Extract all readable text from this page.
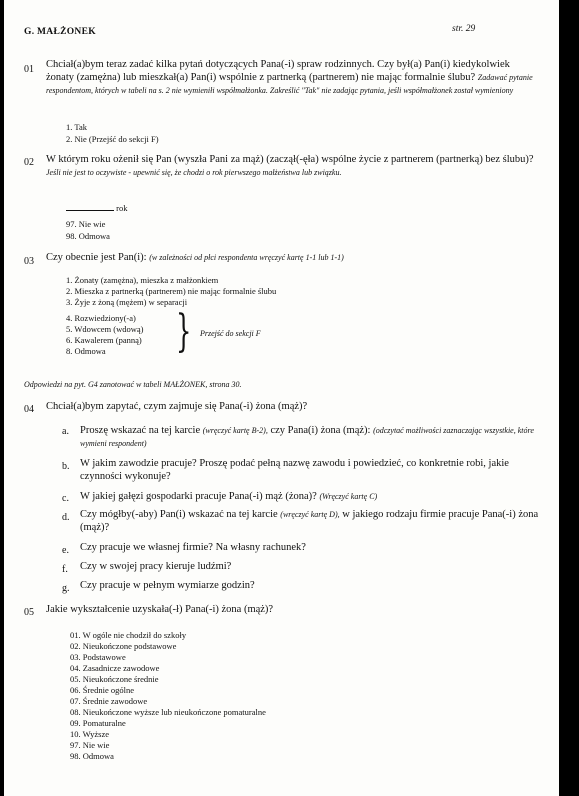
G. MAŁŻONEK	str. 29
01 Chciał(a)bym teraz zadać kilka pytań dotyczących Pana(-i) spraw rodzinnych. Czy był(a) Pan(i) kiedykolwiek żonaty (zamężna) lub mieszkał(a) Pan(i) wspólnie z partnerką (partnerem) nie mając formalnie ślubu? Zadawać pytanie respondentom, których w tabeli na s. 2 nie wymieniłi współmałżonka. Zakreślić "Tak" nie zadając pytania, jeśli współmałżonek został wymieniony
1. Tak
2. Nie (Przejść do sekcji F)
02 W którym roku ożenił się Pan (wyszła Pani za mąż) (zaczął(-ęła) wspólne życie z partnerem (partnerką) bez ślubu)? Jeśli nie jest to oczywiste - upewnić się, że chodzi o rok pierwszego małżeństwa lub związku.
rok
97. Nie wie
98. Odmowa
03 Czy obecnie jest Pan(i): (w zależności od płci respondenta wręczyć kartę 1-1 lub 1-1)
1. Żonaty (zamężna), mieszka z małżonkiem
2. Mieszka z partnerką (partnerem) nie mając formalnie ślubu
3. Żyje z żoną (mężem) w separacji
4. Rozwiedziony(-a)
5. Wdowcem (wdową)
6. Kawalerem (panną)
8. Odmowa } Przejść do sekcji F
Odpowiedzi na pyt. G4 zanotować w tabeli MAŁŻONEK, strona 30.
04 Chciał(a)bym zapytać, czym zajmuje się Pana(-i) żona (mąż)?
a. Proszę wskazać na tej karcie (wręczyć kartę B-2), czy Pana(i) żona (mąż): (odczytać możliwości zaznaczając wszystkie, które wymieni respondent)
b. W jakim zawodzie pracuje? Proszę podać pełną nazwę zawodu i powiedzieć, co konkretnie robi, jakie czynności wykonuje?
c. W jakiej gałęzi gospodarki pracuje Pana(-i) mąż (żona)? (Wręczyć kartę C)
d. Czy mógłby(-aby) Pan(i) wskazać na tej karcie (wręczyć kartę D), w jakiego rodzaju firmie pracuje Pana(-i) żona (mąż)?
e. Czy pracuje we własnej firmie? Na własny rachunek?
f. Czy w swojej pracy kieruje ludźmi?
g. Czy pracuje w pełnym wymiarze godzin?
05 Jakie wykształcenie uzyskała(-ł) Pana(-i) żona (mąż)?
01. W ogóle nie chodził do szkoły
02. Nieukończone podstawowe
03. Podstawowe
04. Zasadnicze zawodowe
05. Nieukończone średnie
06. Średnie ogólne
07. Średnie zawodowe
08. Nieukończone wyższe lub nieukończone pomaturalne
09. Pomaturalne
10. Wyższe
97. Nie wie
98. Odmowa
